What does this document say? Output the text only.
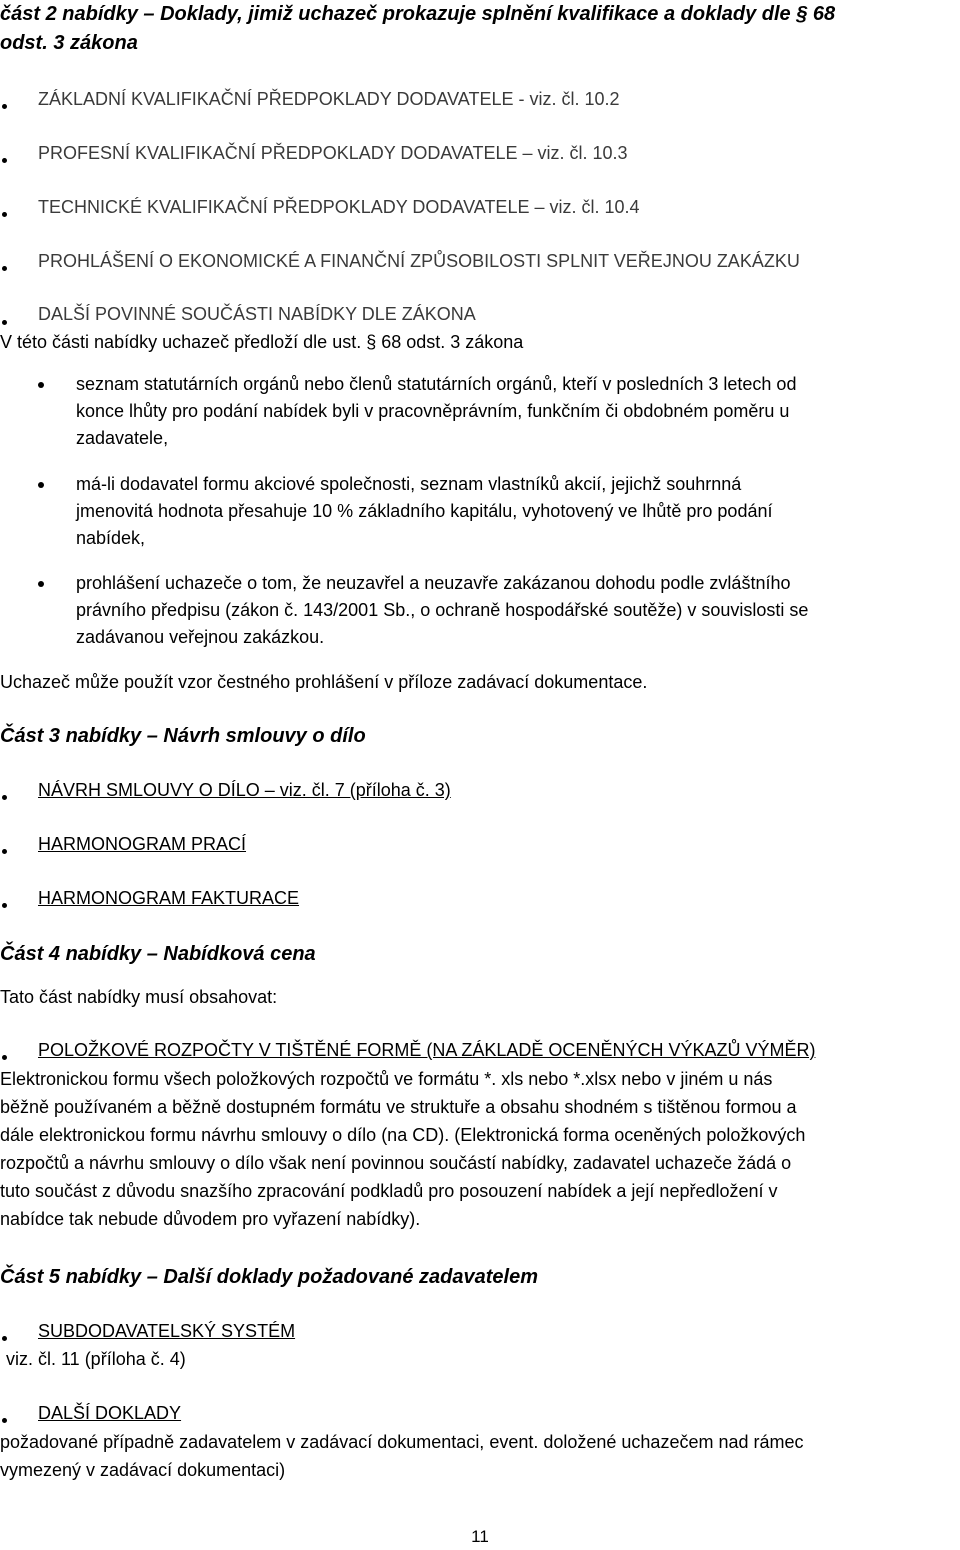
část 2 nabídky – Doklady, jimiž uchazeč prokazuje splnění kvalifikace a doklady dle § 68
odst. 3 zákona
ZÁKLADNÍ KVALIFIKAČNÍ PŘEDPOKLADY DODAVATELE - viz. čl. 10.2
PROFESNÍ KVALIFIKAČNÍ PŘEDPOKLADY DODAVATELE – viz. čl. 10.3
TECHNICKÉ KVALIFIKAČNÍ PŘEDPOKLADY DODAVATELE – viz. čl. 10.4
PROHLÁŠENÍ O EKONOMICKÉ A FINANČNÍ ZPŮSOBILOSTI SPLNIT VEŘEJNOU ZAKÁZKU
DALŠÍ POVINNÉ SOUČÁSTI NABÍDKY DLE ZÁKONA
V této části nabídky uchazeč předloží dle ust. § 68 odst. 3 zákona
seznam statutárních orgánů nebo členů statutárních orgánů, kteří v posledních 3 letech od
konce lhůty pro podání nabídek byli v pracovněprávním, funkčním či obdobném poměru u
zadavatele,
má-li dodavatel formu akciové společnosti, seznam vlastníků akcií, jejichž souhrnná
jmenovitá hodnota přesahuje 10 % základního kapitálu, vyhotovený ve lhůtě pro podání
nabídek,
prohlášení uchazeče o tom, že neuzavřel a neuzavře zakázanou dohodu podle zvláštního
právního předpisu (zákon č. 143/2001 Sb., o ochraně hospodářské soutěže) v souvislosti se
zadávanou veřejnou zakázkou.
Uchazeč může použít vzor čestného prohlášení v příloze zadávací dokumentace.
Část 3 nabídky – Návrh smlouvy o dílo
NÁVRH SMLOUVY O DÍLO – viz. čl. 7 (příloha č. 3)
HARMONOGRAM PRACÍ
HARMONOGRAM FAKTURACE
Část 4 nabídky – Nabídková cena
Tato část nabídky musí obsahovat:
POLOŽKOVÉ ROZPOČTY V TIŠTĚNÉ FORMĚ (NA ZÁKLADĚ OCENĚNÝCH VÝKAZŮ VÝMĚR)
Elektronickou formu všech položkových rozpočtů ve formátu *. xls nebo *.xlsx nebo v jiném u nás
běžně používaném a běžně dostupném formátu ve struktuře a obsahu shodném s tištěnou formou a
dále elektronickou formu návrhu smlouvy o dílo (na CD). (Elektronická forma oceněných položkových
rozpočtů a návrhu smlouvy o dílo však není povinnou součástí nabídky, zadavatel uchazeče žádá o
tuto součást z důvodu snazšího zpracování podkladů pro posouzení nabídek a její nepředložení v
nabídce tak nebude důvodem pro vyřazení nabídky).
Část 5 nabídky – Další doklady požadované zadavatelem
SUBDODAVATELSKÝ SYSTÉM
viz. čl. 11 (příloha č. 4)
DALŠÍ DOKLADY
požadované případně zadavatelem v zadávací dokumentaci, event. doložené uchazečem nad rámec
vymezený v zadávací dokumentaci)
11
